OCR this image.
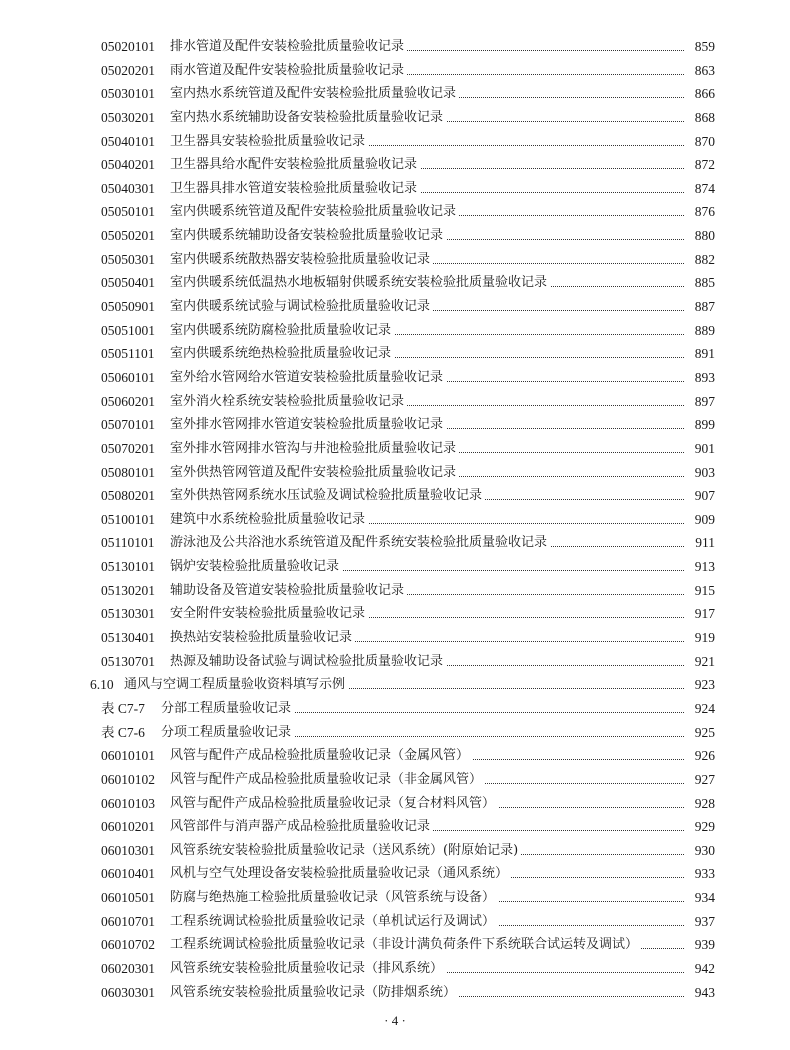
05020101 排水管道及配件安装检验批质量验收记录	859
05020201 雨水管道及配件安装检验批质量验收记录	863
05030101 室内热水系统管道及配件安装检验批质量验收记录	866
05030201 室内热水系统辅助设备安装检验批质量验收记录	868
05040101 卫生器具安装检验批质量验收记录	870
05040201 卫生器具给水配件安装检验批质量验收记录	872
05040301 卫生器具排水管道安装检验批质量验收记录	874
05050101 室内供暖系统管道及配件安装检验批质量验收记录	876
05050201 室内供暖系统辅助设备安装检验批质量验收记录	880
05050301 室内供暖系统散热器安装检验批质量验收记录	882
05050401 室内供暖系统低温热水地板辐射供暖系统安装检验批质量验收记录	885
05050901 室内供暖系统试验与调试检验批质量验收记录	887
05051001 室内供暖系统防腐检验批质量验收记录	889
05051101 室内供暖系统绝热检验批质量验收记录	891
05060101 室外给水管网给水管道安装检验批质量验收记录	893
05060201 室外消火栓系统安装检验批质量验收记录	897
05070101 室外排水管网排水管道安装检验批质量验收记录	899
05070201 室外排水管网排水管沟与井池检验批质量验收记录	901
05080101 室外供热管网管道及配件安装检验批质量验收记录	903
05080201 室外供热管网系统水压试验及调试检验批质量验收记录	907
05100101 建筑中水系统检验批质量验收记录	909
05110101 游泳池及公共浴池水系统管道及配件系统安装检验批质量验收记录	911
05130101 锅炉安装检验批质量验收记录	913
05130201 辅助设备及管道安装检验批质量验收记录	915
05130301 安全附件安装检验批质量验收记录	917
05130401 换热站安装检验批质量验收记录	919
05130701 热源及辅助设备试验与调试检验批质量验收记录	921
6.10 通风与空调工程质量验收资料填写示例	923
表 C7-7 分部工程质量验收记录	924
表 C7-6 分项工程质量验收记录	925
06010101 风管与配件产成品检验批质量验收记录（金属风管）	926
06010102 风管与配件产成品检验批质量验收记录（非金属风管）	927
06010103 风管与配件产成品检验批质量验收记录（复合材料风管）	928
06010201 风管部件与消声器产成品检验批质量验收记录	929
06010301 风管系统安装检验批质量验收记录（送风系统）(附原始记录)	930
06010401 风机与空气处理设备安装检验批质量验收记录（通风系统）	933
06010501 防腐与绝热施工检验批质量验收记录（风管系统与设备）	934
06010701 工程系统调试检验批质量验收记录（单机试运行及调试）	937
06010702 工程系统调试检验批质量验收记录（非设计满负荷条件下系统联合试运转及调试）	939
06020301 风管系统安装检验批质量验收记录（排风系统）	942
06030301 风管系统安装检验批质量验收记录（防排烟系统）	943
· 4 ·
